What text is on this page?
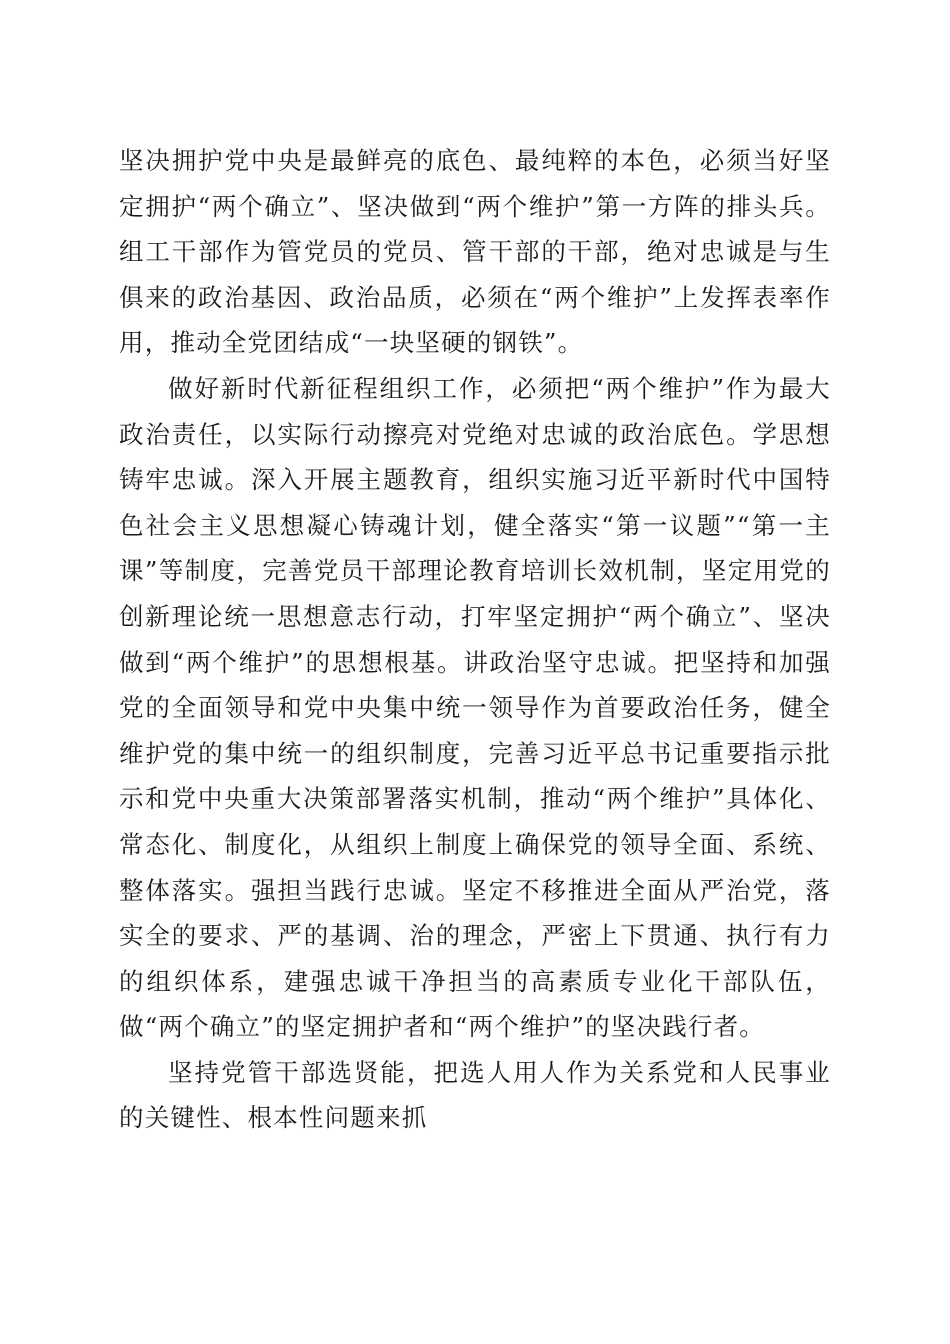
坚决拥护党中央是最鲜亮的底色、最纯粹的本色，必须当好坚定拥护“两个确立”、坚决做到“两个维护”第一方阵的排头兵。组工干部作为管党员的党员、管干部的干部，绝对忠诚是与生俱来的政治基因、政治品质，必须在“两个维护”上发挥表率作用，推动全党团结成“一块坚硬的钢铁”。

做好新时代新征程组织工作，必须把“两个维护”作为最大政治责任，以实际行动擦亮对党绝对忠诚的政治底色。学思想铸牢忠诚。深入开展主题教育，组织实施习近平新时代中国特色社会主义思想凝心铸魂计划，健全落实“第一议题”“第一主课”等制度，完善党员干部理论教育培训长效机制，坚定用党的创新理论统一思想意志行动，打牢坚定拥护“两个确立”、坚决做到“两个维护”的思想根基。讲政治坚守忠诚。把坚持和加强党的全面领导和党中央集中统一领导作为首要政治任务，健全维护党的集中统一的组织制度，完善习近平总书记重要指示批示和党中央重大决策部署落实机制，推动“两个维护”具体化、常态化、制度化，从组织上制度上确保党的领导全面、系统、整体落实。强担当践行忠诚。坚定不移推进全面从严治党，落实全的要求、严的基调、治的理念，严密上下贯通、执行有力的组织体系，建强忠诚干净担当的高素质专业化干部队伍，做“两个确立”的坚定拥护者和“两个维护”的坚决践行者。

坚持党管干部选贤能，把选人用人作为关系党和人民事业的关键性、根本性问题来抓
